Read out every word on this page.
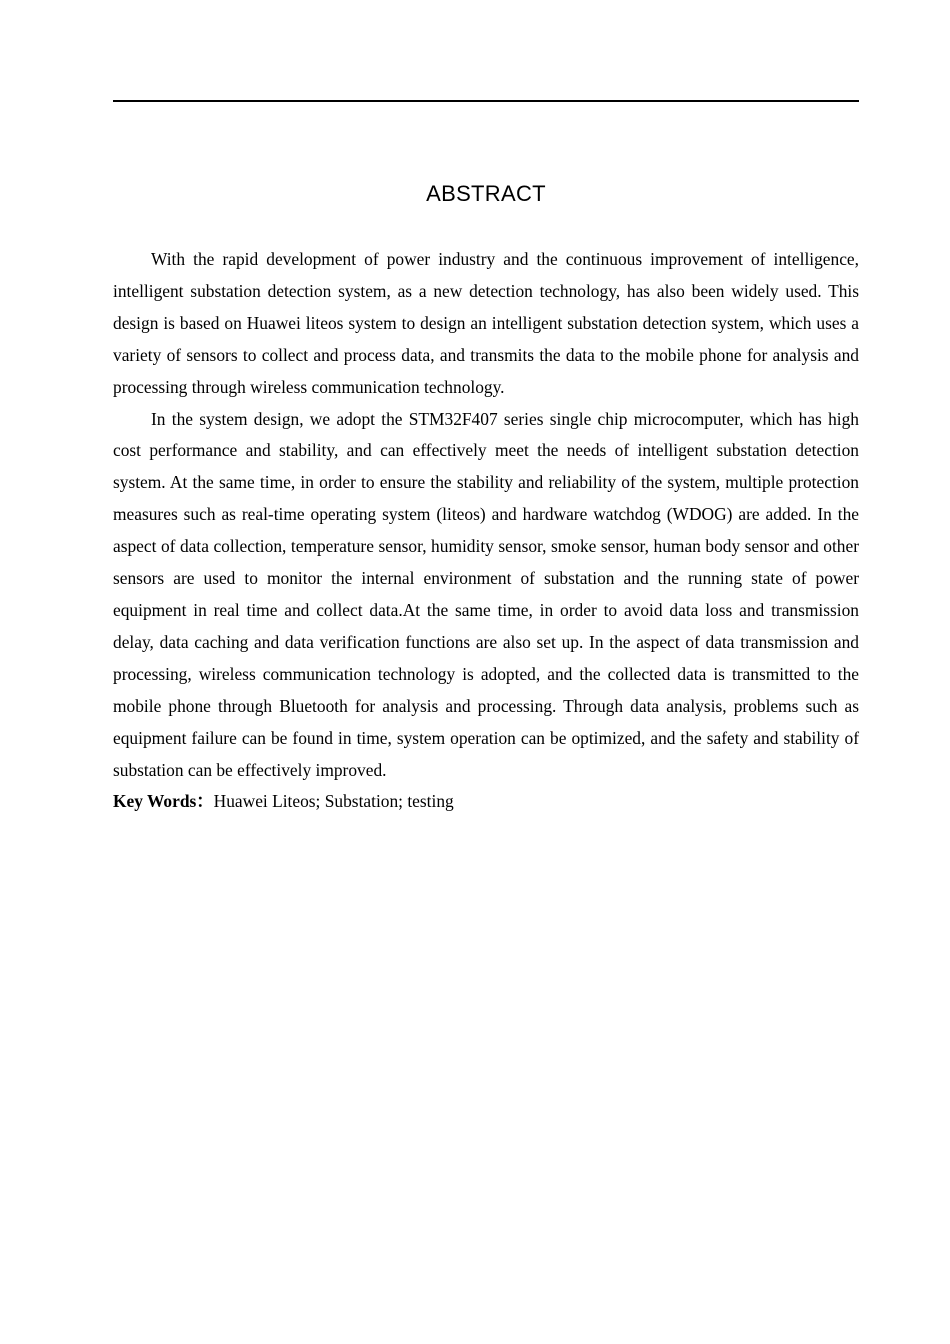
ABSTRACT

With the rapid development of power industry and the continuous improvement of intelligence, intelligent substation detection system, as a new detection technology, has also been widely used. This design is based on Huawei liteos system to design an intelligent substation detection system, which uses a variety of sensors to collect and process data, and transmits the data to the mobile phone for analysis and processing through wireless communication technology.

In the system design, we adopt the STM32F407 series single chip microcomputer, which has high cost performance and stability, and can effectively meet the needs of intelligent substation detection system. At the same time, in order to ensure the stability and reliability of the system, multiple protection measures such as real-time operating system (liteos) and hardware watchdog (WDOG) are added. In the aspect of data collection, temperature sensor, humidity sensor, smoke sensor, human body sensor and other sensors are used to monitor the internal environment of substation and the running state of power equipment in real time and collect data.At the same time, in order to avoid data loss and transmission delay, data caching and data verification functions are also set up. In the aspect of data transmission and processing, wireless communication technology is adopted, and the collected data is transmitted to the mobile phone through Bluetooth for analysis and processing. Through data analysis, problems such as equipment failure can be found in time, system operation can be optimized, and the safety and stability of substation can be effectively improved.

Key Words：Huawei Liteos; Substation; testing
